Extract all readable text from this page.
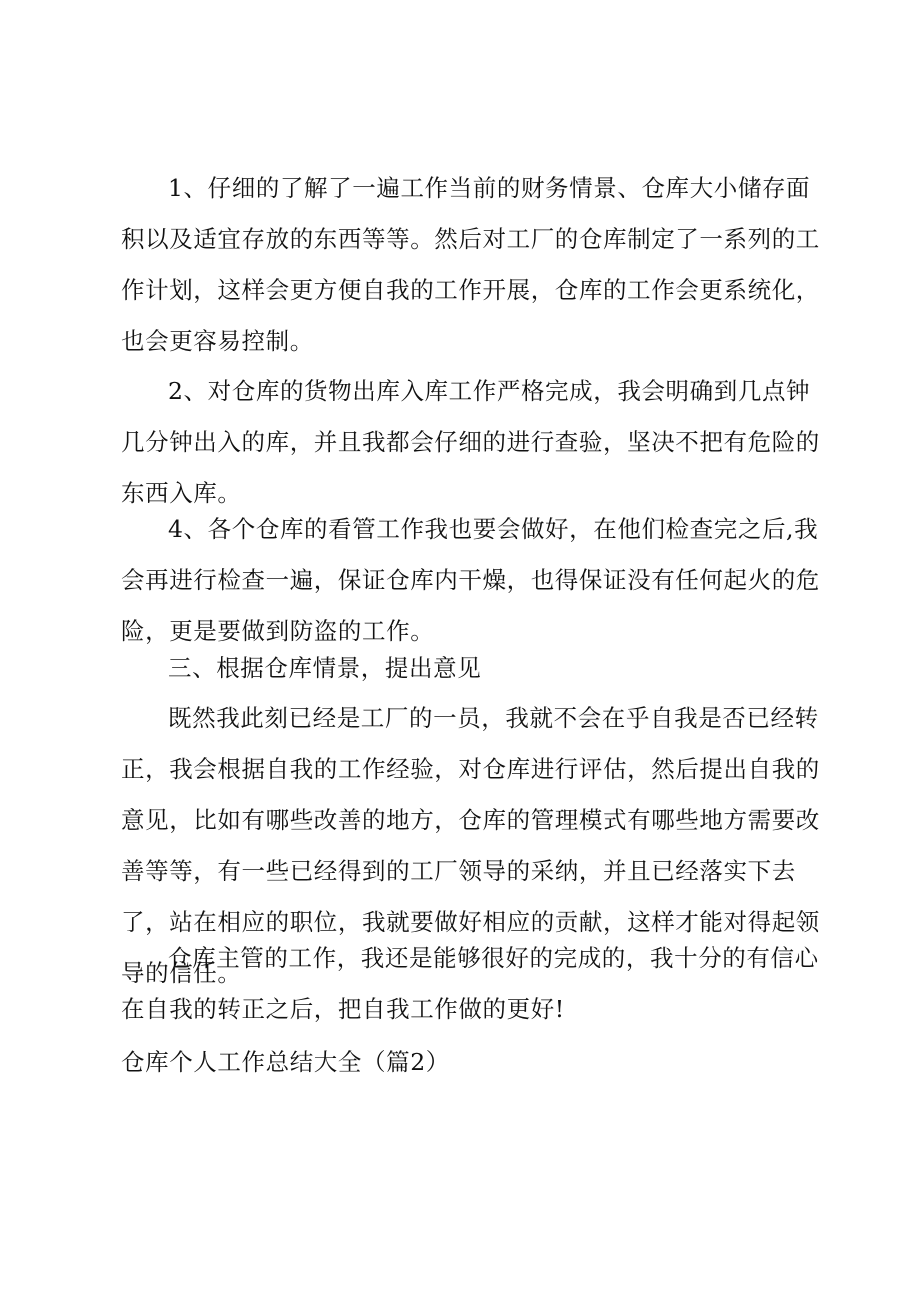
1、仔细的了解了一遍工作当前的财务情景、仓库大小储存面积以及适宜存放的东西等等。然后对工厂的仓库制定了一系列的工作计划，这样会更方便自我的工作开展，仓库的工作会更系统化，也会更容易控制。

2、对仓库的货物出库入库工作严格完成，我会明确到几点钟几分钟出入的库，并且我都会仔细的进行查验，坚决不把有危险的东西入库。

4、各个仓库的看管工作我也要会做好，在他们检查完之后,我会再进行检查一遍，保证仓库内干燥，也得保证没有任何起火的危险，更是要做到防盗的工作。

三、根据仓库情景，提出意见

既然我此刻已经是工厂的一员，我就不会在乎自我是否已经转正，我会根据自我的工作经验，对仓库进行评估，然后提出自我的意见，比如有哪些改善的地方，仓库的管理模式有哪些地方需要改善等等，有一些已经得到的工厂领导的采纳，并且已经落实下去了，站在相应的职位，我就要做好相应的贡献，这样才能对得起领导的信任。

仓库主管的工作，我还是能够很好的完成的，我十分的有信心在自我的转正之后，把自我工作做的更好!

仓库个人工作总结大全（篇2）
